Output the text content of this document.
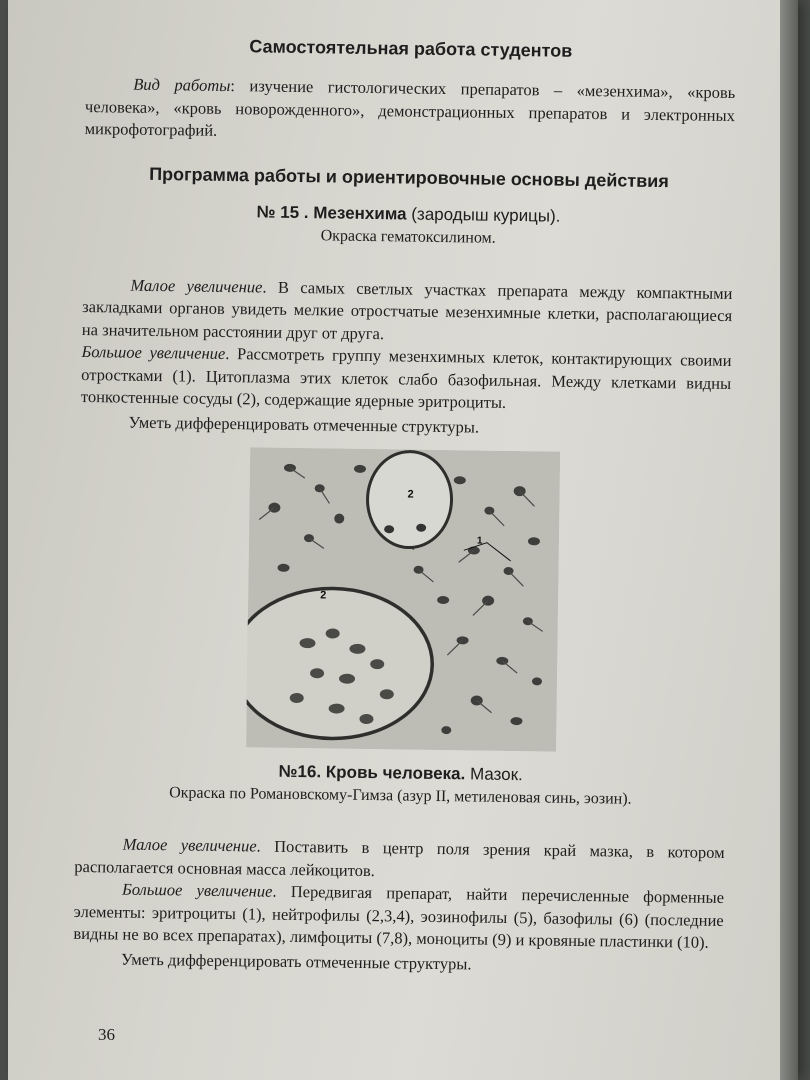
Самостоятельная работа студентов

Вид работы: изучение гистологических препаратов – «мезенхима», «кровь человека», «кровь новорожденного», демонстрационных препаратов и электронных микрофотографий.

Программа работы и ориентировочные основы действия
№ 15 . Мезенхима (зародыш курицы).
Окраска гематоксилином.

Малое увеличение. В самых светлых участках препарата между компактными закладками органов увидеть мелкие отростчатые мезенхимные клетки, располагающиеся на значительном расстоянии друг от друга.

Большое увеличение. Рассмотреть группу мезенхимных клеток, контактирующих своими отростками (1). Цитоплазма этих клеток слабо базофильная. Между клетками видны тонкостенные сосуды (2), содержащие ядерные эритроциты.

Уметь дифференцировать отмеченные структуры.

2
2
1
№16. Кровь человека. Мазок.
Окраска по Романовскому-Гимза (азур II, метиленовая синь, эозин).

Малое увеличение. Поставить в центр поля зрения край мазка, в котором располагается основная масса лейкоцитов.

Большое увеличение. Передвигая препарат, найти перечисленные форменные элементы: эритроциты (1), нейтрофилы (2,3,4), эозинофилы (5), базофилы (6) (последние видны не во всех препаратах), лимфоциты (7,8), моноциты (9) и кровяные пластинки (10).

Уметь дифференцировать отмеченные структуры.

36
